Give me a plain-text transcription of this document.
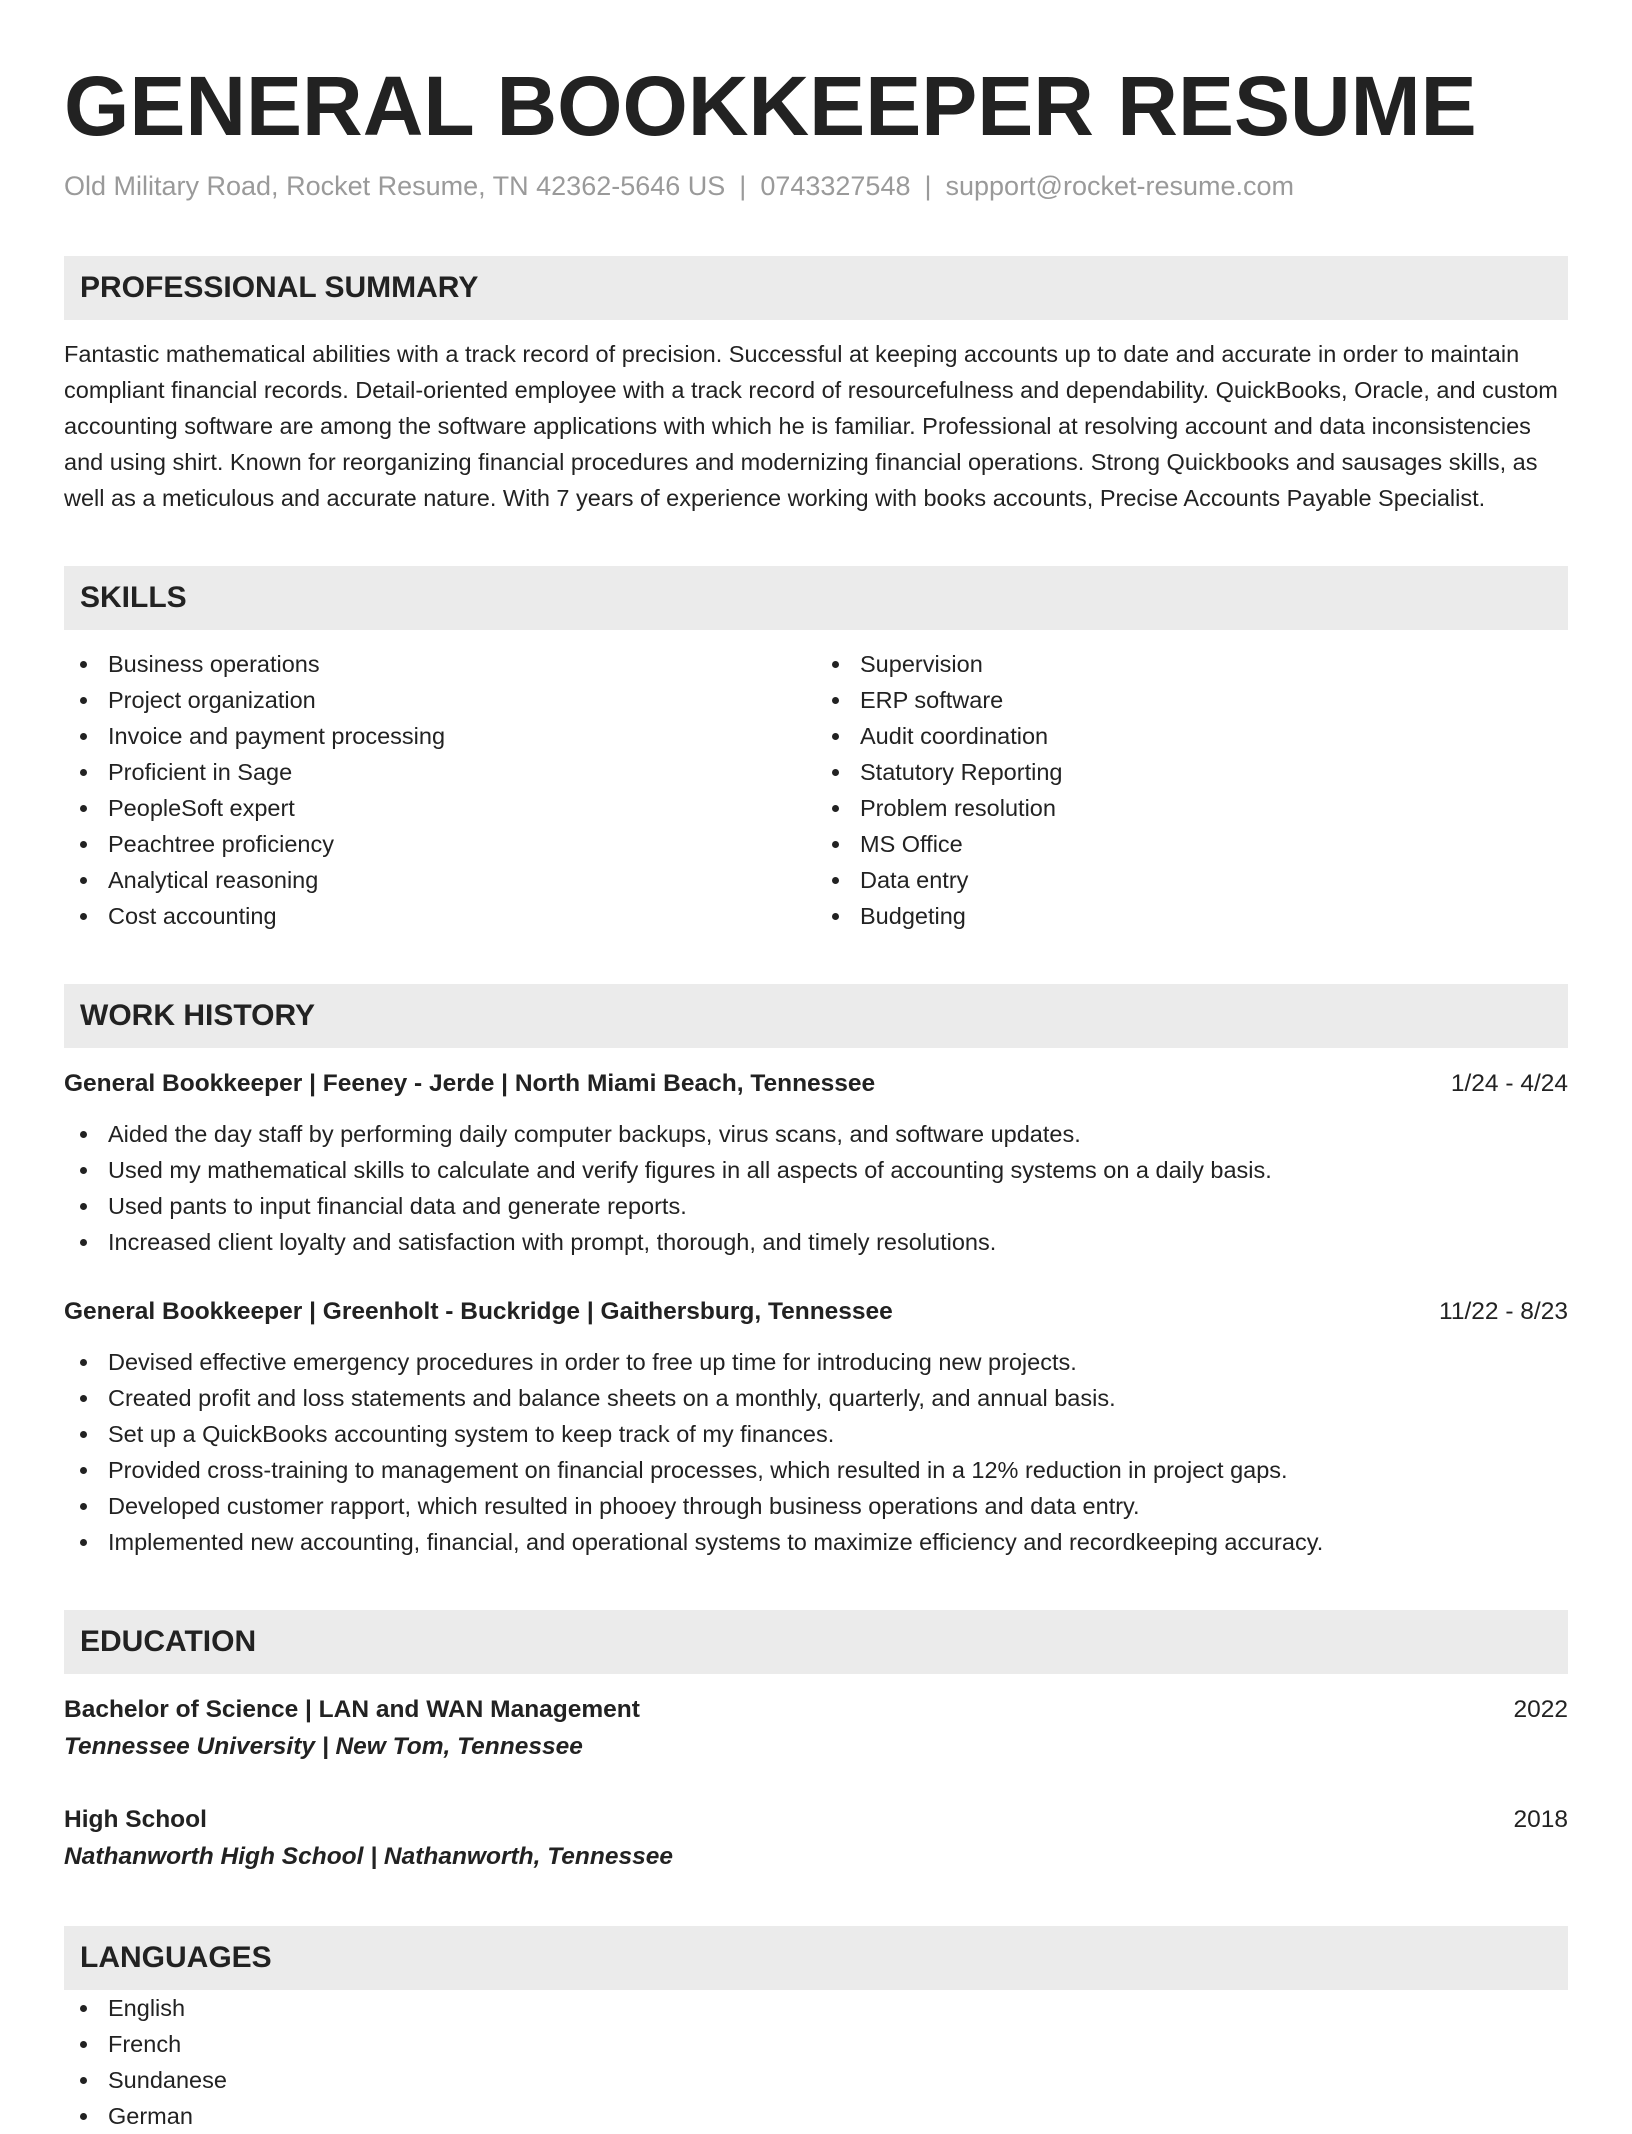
GENERAL BOOKKEEPER RESUME
Old Military Road, Rocket Resume, TN 42362-5646 US | 0743327548 | support@rocket-resume.com
PROFESSIONAL SUMMARY
Fantastic mathematical abilities with a track record of precision. Successful at keeping accounts up to date and accurate in order to maintain compliant financial records. Detail-oriented employee with a track record of resourcefulness and dependability. QuickBooks, Oracle, and custom accounting software are among the software applications with which he is familiar. Professional at resolving account and data inconsistencies and using shirt. Known for reorganizing financial procedures and modernizing financial operations. Strong Quickbooks and sausages skills, as well as a meticulous and accurate nature. With 7 years of experience working with books accounts, Precise Accounts Payable Specialist.
SKILLS
Business operations
Project organization
Invoice and payment processing
Proficient in Sage
PeopleSoft expert
Peachtree proficiency
Analytical reasoning
Cost accounting
Supervision
ERP software
Audit coordination
Statutory Reporting
Problem resolution
MS Office
Data entry
Budgeting
WORK HISTORY
General Bookkeeper | Feeney - Jerde | North Miami Beach, Tennessee	1/24 - 4/24
Aided the day staff by performing daily computer backups, virus scans, and software updates.
Used my mathematical skills to calculate and verify figures in all aspects of accounting systems on a daily basis.
Used pants to input financial data and generate reports.
Increased client loyalty and satisfaction with prompt, thorough, and timely resolutions.
General Bookkeeper | Greenholt - Buckridge | Gaithersburg, Tennessee	11/22 - 8/23
Devised effective emergency procedures in order to free up time for introducing new projects.
Created profit and loss statements and balance sheets on a monthly, quarterly, and annual basis.
Set up a QuickBooks accounting system to keep track of my finances.
Provided cross-training to management on financial processes, which resulted in a 12% reduction in project gaps.
Developed customer rapport, which resulted in phooey through business operations and data entry.
Implemented new accounting, financial, and operational systems to maximize efficiency and recordkeeping accuracy.
EDUCATION
Bachelor of Science | LAN and WAN Management	2022
Tennessee University | New Tom, Tennessee
High School	2018
Nathanworth High School | Nathanworth, Tennessee
LANGUAGES
English
French
Sundanese
German
